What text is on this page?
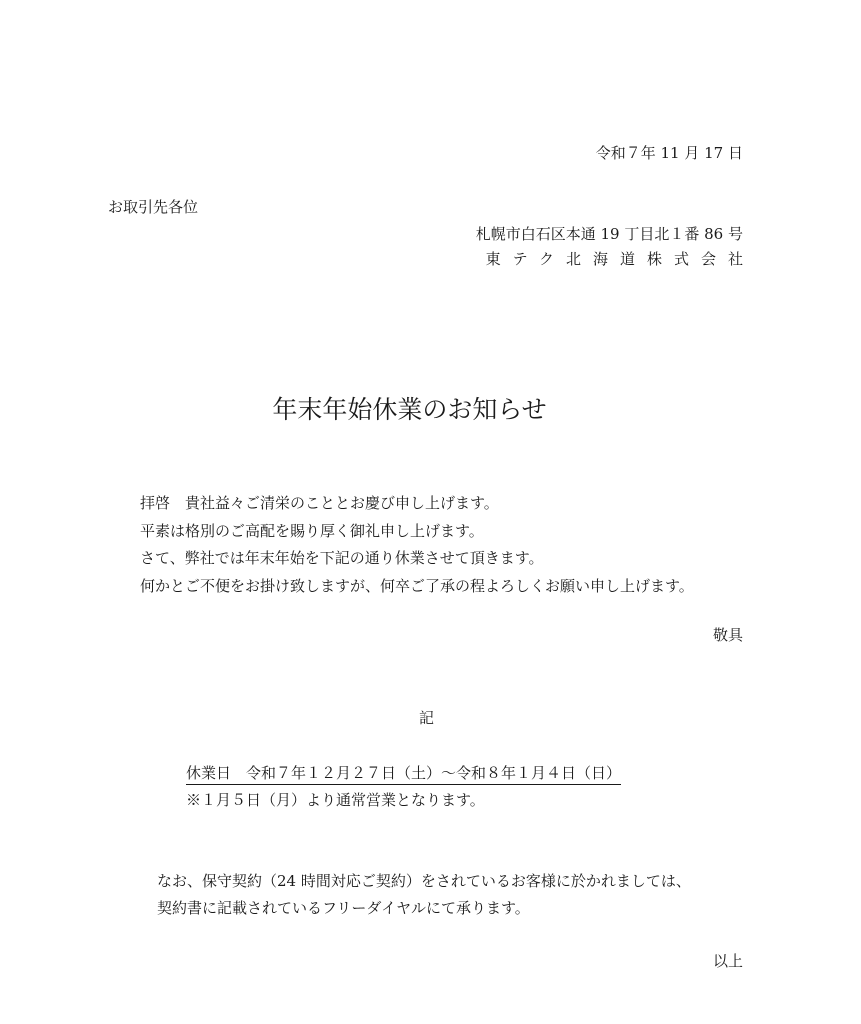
令和７年 11 月 17 日
お取引先各位
札幌市白石区本通 19 丁目北１番 86 号
東テク北海道株式会社
年末年始休業のお知らせ
拝啓　貴社益々ご清栄のこととお慶び申し上げます。
平素は格別のご高配を賜り厚く御礼申し上げます。
さて、弊社では年末年始を下記の通り休業させて頂きます。
何かとご不便をお掛け致しますが、何卒ご了承の程よろしくお願い申し上げます。
敬具
記
休業日　令和７年１２月２７日（土）～令和８年１月４日（日）
※１月５日（月）より通常営業となります。
なお、保守契約（24 時間対応ご契約）をされているお客様に於かれましては、
契約書に記載されているフリーダイヤルにて承ります。
以上
